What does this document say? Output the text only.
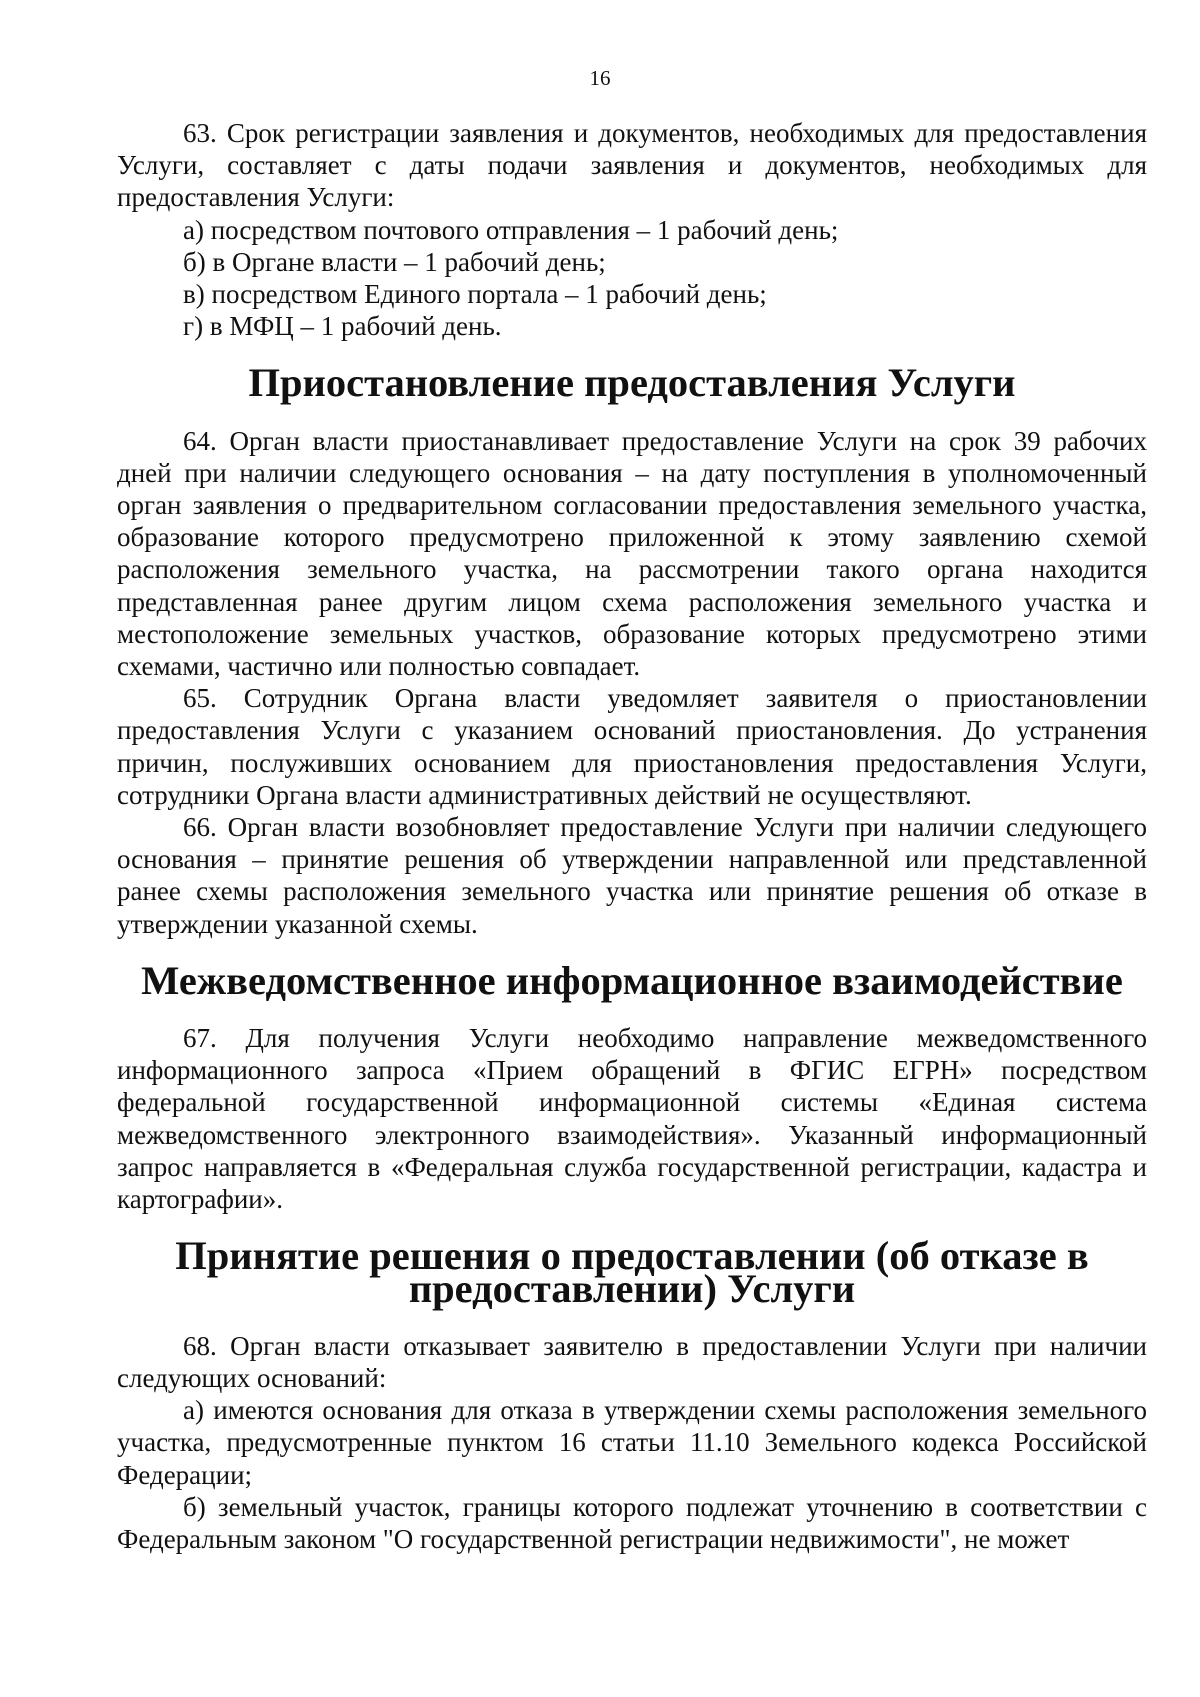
16

63. Срок регистрации заявления и документов, необходимых для предоставления Услуги, составляет с даты подачи заявления и документов, необходимых для предоставления Услуги:

а) посредством почтового отправления – 1 рабочий день;

б) в Органе власти – 1 рабочий день;

в) посредством Единого портала – 1 рабочий день;

г) в МФЦ – 1 рабочий день.

Приостановление предоставления Услуги

64. Орган власти приостанавливает предоставление Услуги на срок 39 рабочих дней при наличии следующего основания – на дату поступления в уполномоченный орган заявления о предварительном согласовании предоставления земельного участка, образование которого предусмотрено приложенной к этому заявлению схемой расположения земельного участка, на рассмотрении такого органа находится представленная ранее другим лицом схема расположения земельного участка и местоположение земельных участков, образование которых предусмотрено этими схемами, частично или полностью совпадает.

65. Сотрудник Органа власти уведомляет заявителя о приостановлении предоставления Услуги с указанием оснований приостановления. До устранения причин, послуживших основанием для приостановления предоставления Услуги, сотрудники Органа власти административных действий не осуществляют.

66. Орган власти возобновляет предоставление Услуги при наличии следующего основания – принятие решения об утверждении направленной или представленной ранее схемы расположения земельного участка или принятие решения об отказе в утверждении указанной схемы.

Межведомственное информационное взаимодействие

67. Для получения Услуги необходимо направление межведомственного информационного запроса «Прием обращений в ФГИС ЕГРН» посредством федеральной государственной информационной системы «Единая система межведомственного электронного взаимодействия». Указанный информационный запрос направляется в «Федеральная служба государственной регистрации, кадастра и картографии».

Принятие решения о предоставлении (об отказе в предоставлении) Услуги

68. Орган власти отказывает заявителю в предоставлении Услуги при наличии следующих оснований:

а) имеются основания для отказа в утверждении схемы расположения земельного участка, предусмотренные пунктом 16 статьи 11.10 Земельного кодекса Российской Федерации;

б) земельный участок, границы которого подлежат уточнению в соответствии с Федеральным законом "О государственной регистрации недвижимости", не может
